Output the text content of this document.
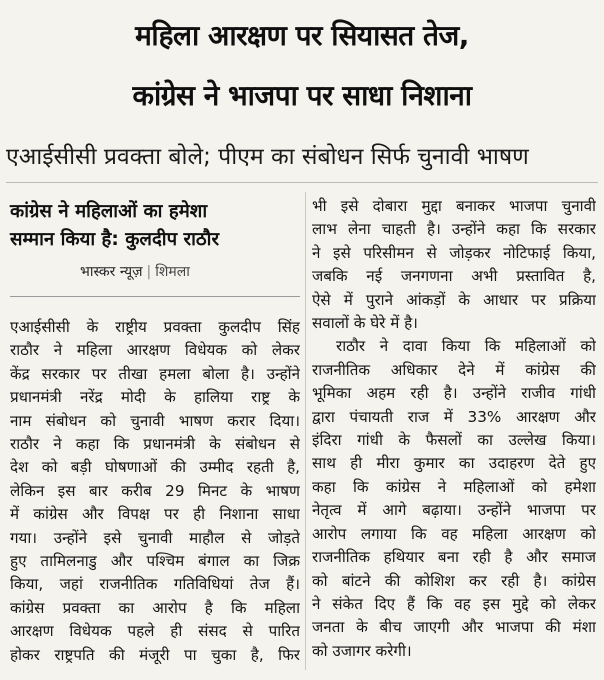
महिला आरक्षण पर सियासत तेज,
कांग्रेस ने भाजपा पर साधा निशाना
एआईसीसी प्रवक्ता बोले; पीएम का संबोधन सिर्फ चुनावी भाषण
कांग्रेस ने महिलाओं का हमेशा
सम्मान किया है: कुलदीप राठौर
भास्कर न्यूज़ | शिमला
एआईसीसी के राष्ट्रीय प्रवक्ता कुलदीप सिंह
राठौर ने महिला आरक्षण विधेयक को लेकर
केंद्र सरकार पर तीखा हमला बोला है। उन्होंने
प्रधानमंत्री नरेंद्र मोदी के हालिया राष्ट्र के
नाम संबोधन को चुनावी भाषण करार दिया।
राठौर ने कहा कि प्रधानमंत्री के संबोधन से
देश को बड़ी घोषणाओं की उम्मीद रहती है,
लेकिन इस बार करीब 29 मिनट के भाषण
में कांग्रेस और विपक्ष पर ही निशाना साधा
गया। उन्होंने इसे चुनावी माहौल से जोड़ते
हुए तामिलनाडु और पश्चिम बंगाल का जिक्र
किया, जहां राजनीतिक गतिविधियां तेज हैं।
कांग्रेस प्रवक्ता का आरोप है कि महिला
आरक्षण विधेयक पहले ही संसद से पारित
होकर राष्ट्रपति की मंजूरी पा चुका है, फिर
भी इसे दोबारा मुद्दा बनाकर भाजपा चुनावी
लाभ लेना चाहती है। उन्होंने कहा कि सरकार
ने इसे परिसीमन से जोड़कर नोटिफाई किया,
जबकि नई जनगणना अभी प्रस्तावित है,
ऐसे में पुराने आंकड़ों के आधार पर प्रक्रिया
सवालों के घेरे में है।
राठौर ने दावा किया कि महिलाओं को
राजनीतिक अधिकार देने में कांग्रेस की
भूमिका अहम रही है। उन्होंने राजीव गांधी
द्वारा पंचायती राज में 33% आरक्षण और
इंदिरा गांधी के फैसलों का उल्लेख किया।
साथ ही मीरा कुमार का उदाहरण देते हुए
कहा कि कांग्रेस ने महिलाओं को हमेशा
नेतृत्व में आगे बढ़ाया। उन्होंने भाजपा पर
आरोप लगाया कि वह महिला आरक्षण को
राजनीतिक हथियार बना रही है और समाज
को बांटने की कोशिश कर रही है। कांग्रेस
ने संकेत दिए हैं कि वह इस मुद्दे को लेकर
जनता के बीच जाएगी और भाजपा की मंशा
को उजागर करेगी।
